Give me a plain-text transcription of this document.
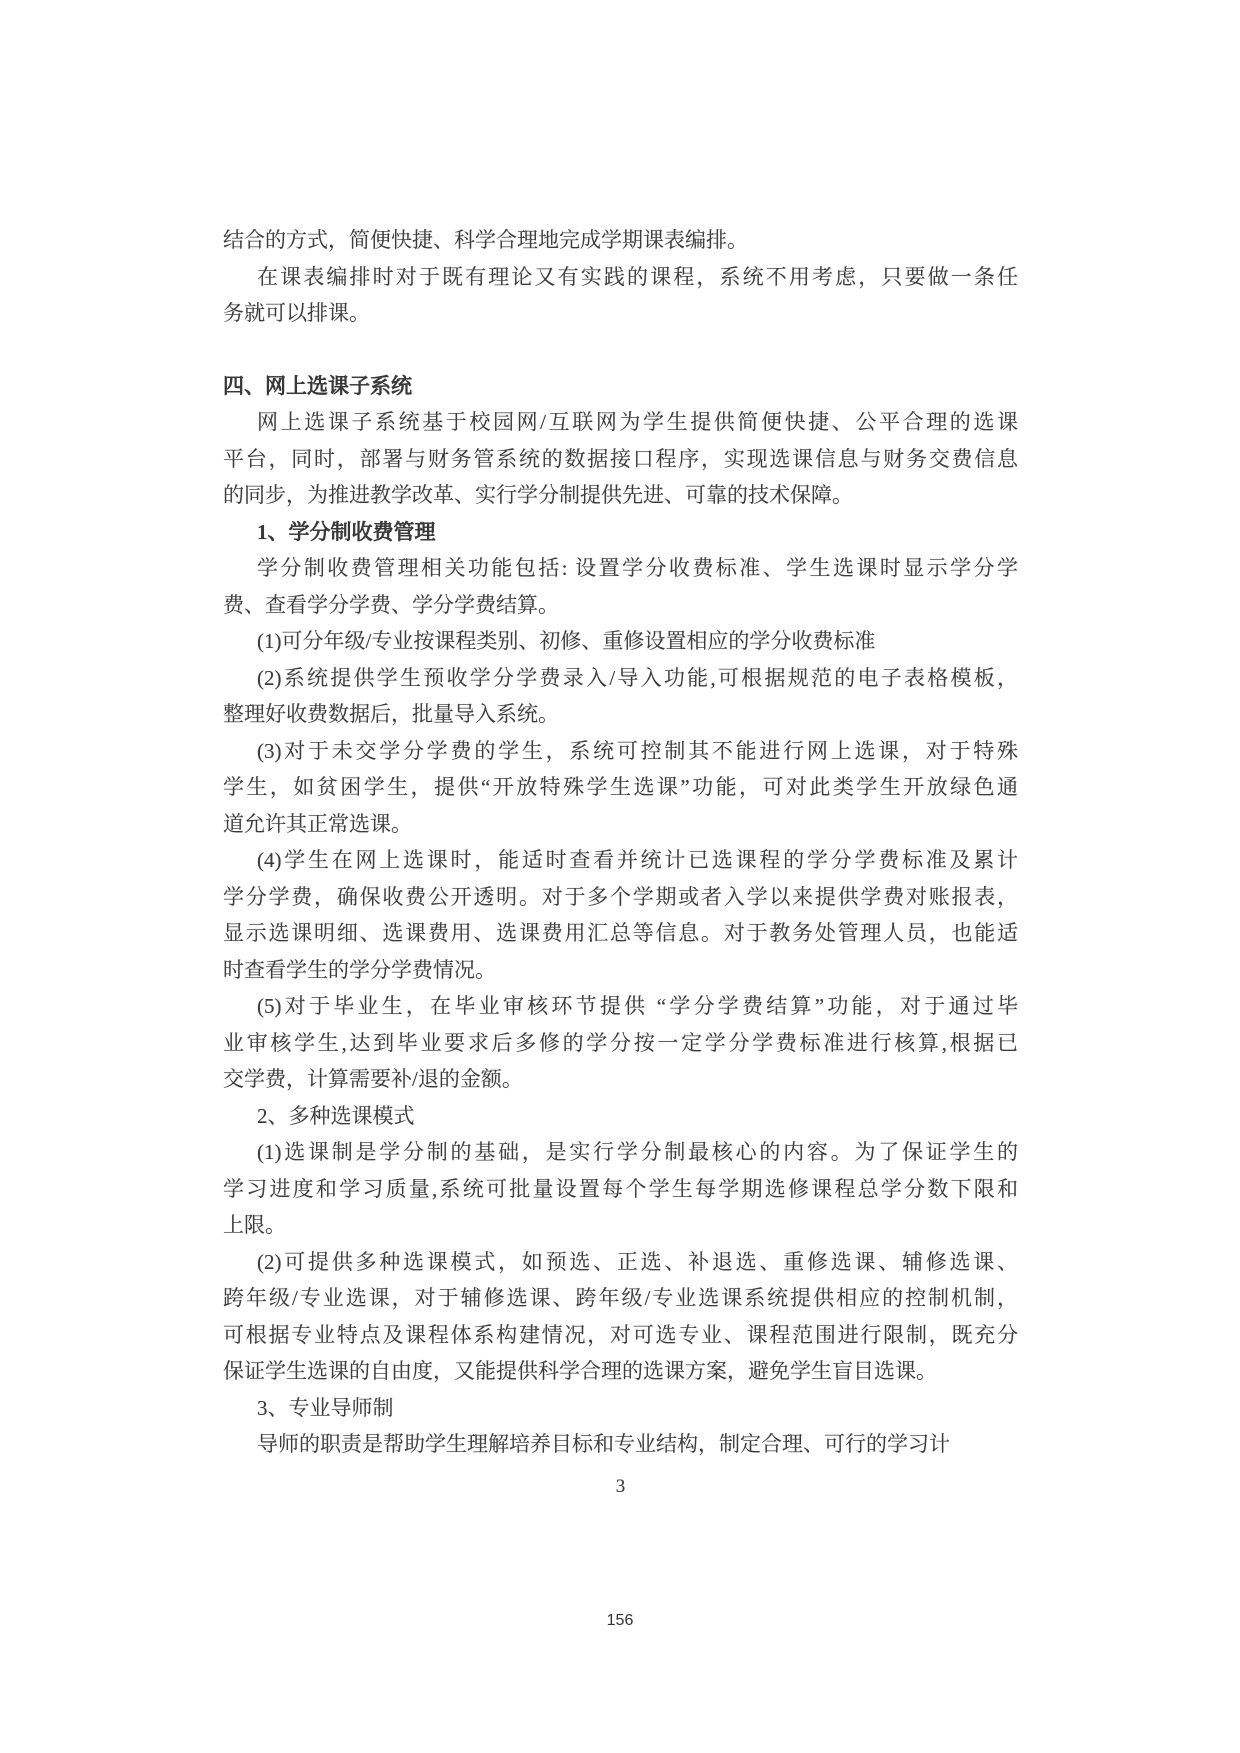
结合的方式，简便快捷、科学合理地完成学期课表编排。
在课表编排时对于既有理论又有实践的课程，系统不用考虑，只要做一条任
务就可以排课。
四、网上选课子系统
网上选课子系统基于校园网/互联网为学生提供简便快捷、公平合理的选课
平台，同时，部署与财务管系统的数据接口程序，实现选课信息与财务交费信息
的同步，为推进教学改革、实行学分制提供先进、可靠的技术保障。
1、学分制收费管理
学分制收费管理相关功能包括: 设置学分收费标准、学生选课时显示学分学
费、查看学分学费、学分学费结算。
(1)可分年级/专业按课程类别、初修、重修设置相应的学分收费标准
(2)系统提供学生预收学分学费录入/导入功能,可根据规范的电子表格模板，
整理好收费数据后，批量导入系统。
(3)对于未交学分学费的学生，系统可控制其不能进行网上选课，对于特殊
学生，如贫困学生，提供“开放特殊学生选课”功能，可对此类学生开放绿色通
道允许其正常选课。
(4)学生在网上选课时，能适时查看并统计已选课程的学分学费标准及累计
学分学费，确保收费公开透明。对于多个学期或者入学以来提供学费对账报表，
显示选课明细、选课费用、选课费用汇总等信息。对于教务处管理人员，也能适
时查看学生的学分学费情况。
(5)对于毕业生，在毕业审核环节提供 “学分学费结算”功能，对于通过毕
业审核学生,达到毕业要求后多修的学分按一定学分学费标准进行核算,根据已
交学费，计算需要补/退的金额。
2、多种选课模式
(1)选课制是学分制的基础，是实行学分制最核心的内容。为了保证学生的
学习进度和学习质量,系统可批量设置每个学生每学期选修课程总学分数下限和
上限。
(2)可提供多种选课模式，如预选、正选、补退选、重修选课、辅修选课、
跨年级/专业选课，对于辅修选课、跨年级/专业选课系统提供相应的控制机制，
可根据专业特点及课程体系构建情况，对可选专业、课程范围进行限制，既充分
保证学生选课的自由度，又能提供科学合理的选课方案，避免学生盲目选课。
3、专业导师制
导师的职责是帮助学生理解培养目标和专业结构，制定合理、可行的学习计
3
156
